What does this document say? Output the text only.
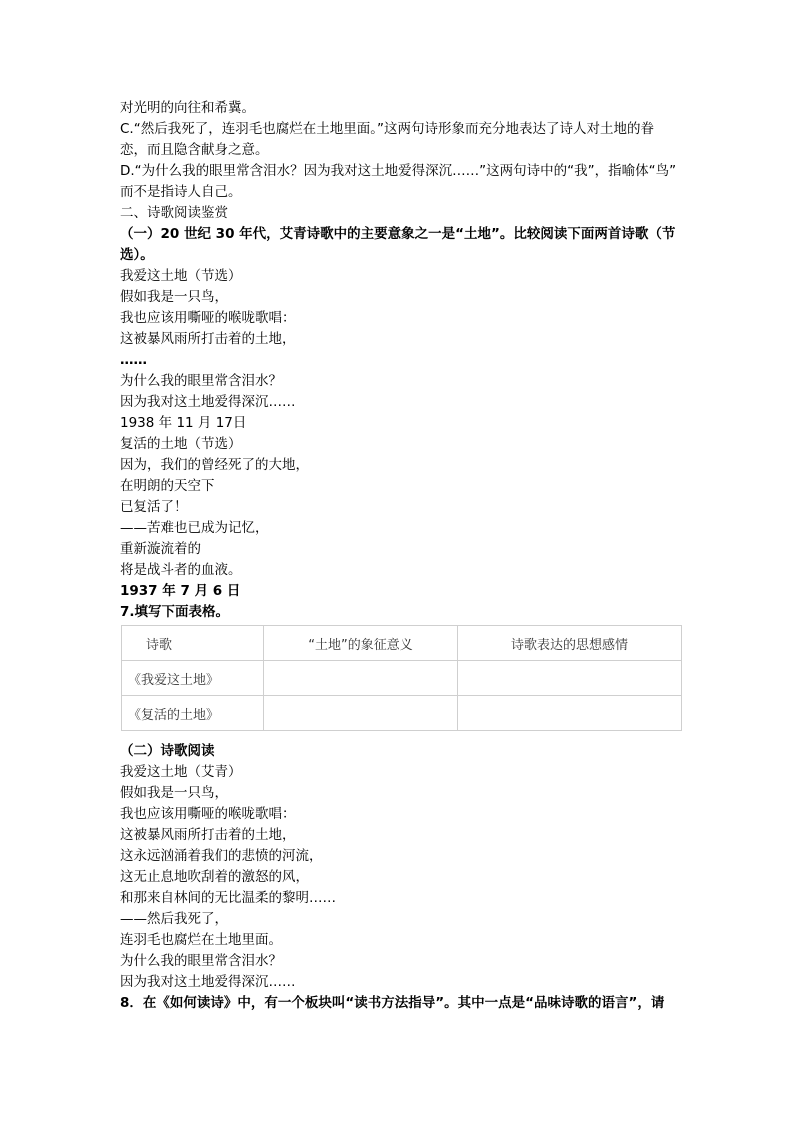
对光明的向往和希冀。
C.“然后我死了，连羽毛也腐烂在土地里面。”这两句诗形象而充分地表达了诗人对土地的眷
恋，而且隐含献身之意。
D.“为什么我的眼里常含泪水？因为我对这土地爱得深沉……”这两句诗中的“我”，指喻体“鸟”
而不是指诗人自己。
二、诗歌阅读鉴赏
（一）20 世纪 30 年代，艾青诗歌中的主要意象之一是“土地”。比较阅读下面两首诗歌（节
选）。
我爱这土地（节选）
假如我是一只鸟，
我也应该用嘶哑的喉咙歌唱：
这被暴风雨所打击着的土地，
……
为什么我的眼里常含泪水？
因为我对这土地爱得深沉……
1938 年 11 月 17日
复活的土地（节选）
因为，我们的曾经死了的大地，
在明朗的天空下
已复活了！
——苦难也已成为记忆，
重新漩流着的
将是战斗者的血液。
1937 年 7 月 6 日
7.填写下面表格。
诗歌	“土地”的象征意义	诗歌表达的思想感情
《我爱这土地》		
《复活的土地》		
（二）诗歌阅读
我爱这土地（艾青）
假如我是一只鸟，
我也应该用嘶哑的喉咙歌唱：
这被暴风雨所打击着的土地，
这永远汹涌着我们的悲愤的河流，
这无止息地吹刮着的激怒的风，
和那来自林间的无比温柔的黎明……
——然后我死了，
连羽毛也腐烂在土地里面。
为什么我的眼里常含泪水？
因为我对这土地爱得深沉……
8．在《如何读诗》中，有一个板块叫“读书方法指导”。其中一点是“品味诗歌的语言”，请
